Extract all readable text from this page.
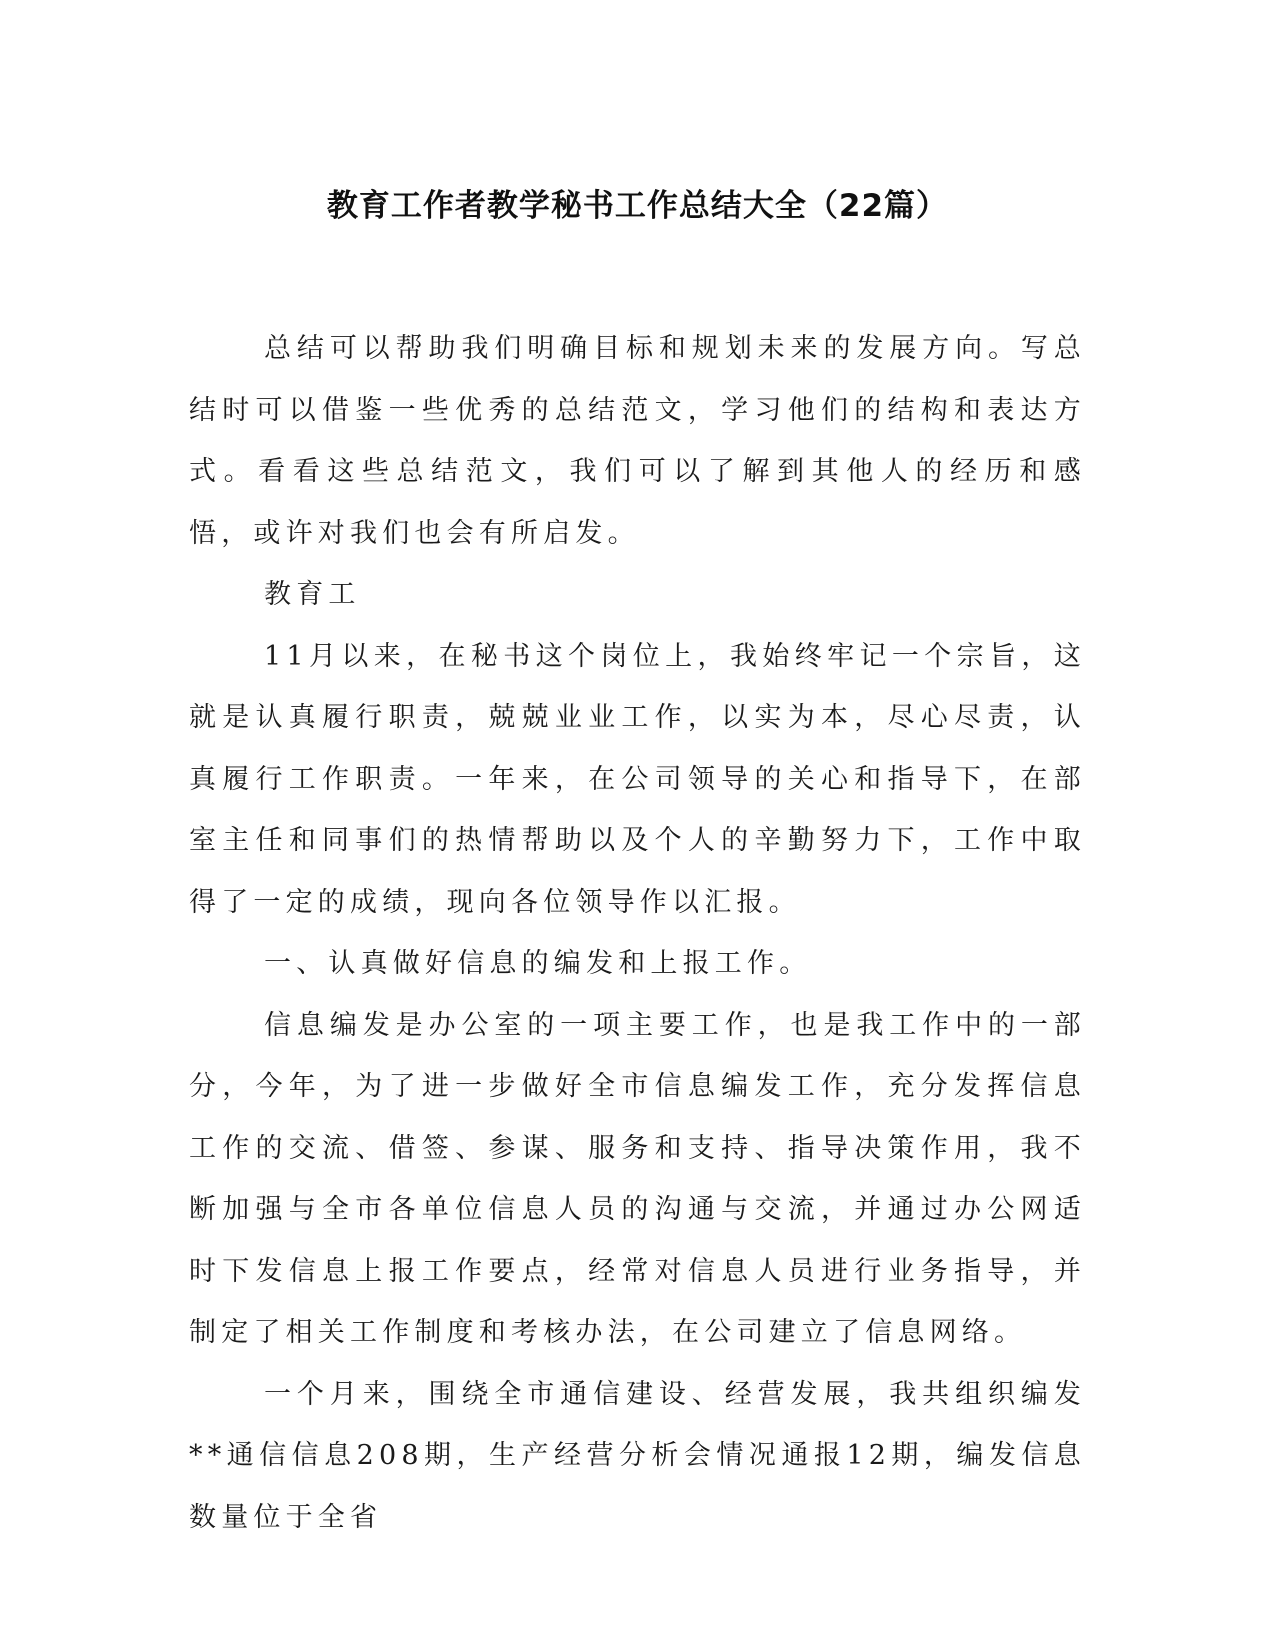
教育工作者教学秘书工作总结大全（22篇）

总结可以帮助我们明确目标和规划未来的发展方向。写总结时可以借鉴一些优秀的总结范文，学习他们的结构和表达方式。看看这些总结范文，我们可以了解到其他人的经历和感悟，或许对我们也会有所启发。

教育工

11月以来，在秘书这个岗位上，我始终牢记一个宗旨，这就是认真履行职责，兢兢业业工作，以实为本，尽心尽责，认真履行工作职责。一年来，在公司领导的关心和指导下，在部室主任和同事们的热情帮助以及个人的辛勤努力下，工作中取得了一定的成绩，现向各位领导作以汇报。

一、认真做好信息的编发和上报工作。

信息编发是办公室的一项主要工作，也是我工作中的一部分，今年，为了进一步做好全市信息编发工作，充分发挥信息工作的交流、借签、参谋、服务和支持、指导决策作用，我不断加强与全市各单位信息人员的沟通与交流，并通过办公网适时下发信息上报工作要点，经常对信息人员进行业务指导，并制定了相关工作制度和考核办法，在公司建立了信息网络。

一个月来，围绕全市通信建设、经营发展，我共组织编发**通信信息208期，生产经营分析会情况通报12期，编发信息数量位于全省
